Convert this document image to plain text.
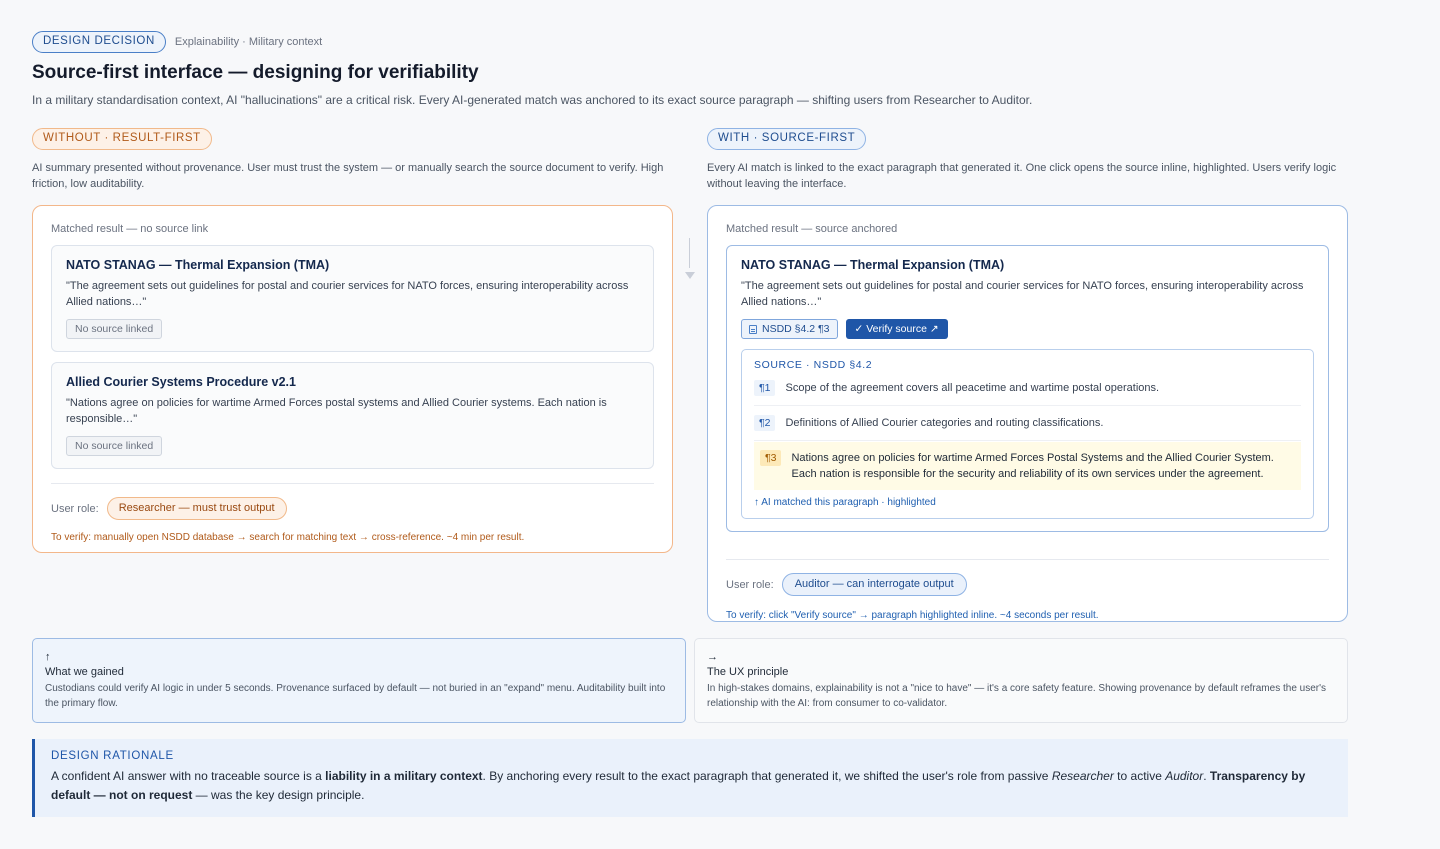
DESIGN DECISION	Explainability · Military context
Source-first interface — designing for verifiability

In a military standardisation context, AI "hallucinations" are a critical risk. Every AI-generated match was anchored to its exact source paragraph — shifting users from Researcher to Auditor.

WITHOUT · RESULT-FIRST

AI summary presented without provenance. User must trust the system — or manually search the source document to verify. High friction, low auditability.

Matched result — no source link
NATO STANAG — Thermal Expansion (TMA)
"The agreement sets out guidelines for postal and courier services for NATO forces, ensuring interoperability across Allied nations…"
No source linked
Allied Courier Systems Procedure v2.1
"Nations agree on policies for wartime Armed Forces postal systems and Allied Courier systems. Each nation is responsible…"
No source linked
User role:	Researcher — must trust output
To verify: manually open NSDD database → search for matching text → cross-reference. ~4 min per result.
WITH · SOURCE-FIRST

Every AI match is linked to the exact paragraph that generated it. One click opens the source inline, highlighted. Users verify logic without leaving the interface.

Matched result — source anchored
NATO STANAG — Thermal Expansion (TMA)
"The agreement sets out guidelines for postal and courier services for NATO forces, ensuring interoperability across Allied nations…"
NSDD §4.2 ¶3	✓ Verify source ↗
SOURCE · NSDD §4.2
¶1	Scope of the agreement covers all peacetime and wartime postal operations.
¶2	Definitions of Allied Courier categories and routing classifications.
¶3	Nations agree on policies for wartime Armed Forces Postal Systems and the Allied Courier System. Each nation is responsible for the security and reliability of its own services under the agreement.
↑ AI matched this paragraph · highlighted
User role:	Auditor — can interrogate output
To verify: click "Verify source" → paragraph highlighted inline. ~4 seconds per result.
↑
What we gained
Custodians could verify AI logic in under 5 seconds. Provenance surfaced by default — not buried in an "expand" menu. Auditability built into the primary flow.
→
The UX principle
In high-stakes domains, explainability is not a "nice to have" — it's a core safety feature. Showing provenance by default reframes the user's relationship with the AI: from consumer to co-validator.
DESIGN RATIONALE

A confident AI answer with no traceable source is a liability in a military context. By anchoring every result to the exact paragraph that generated it, we shifted the user's role from passive Researcher to active Auditor. Transparency by default — not on request — was the key design principle.
